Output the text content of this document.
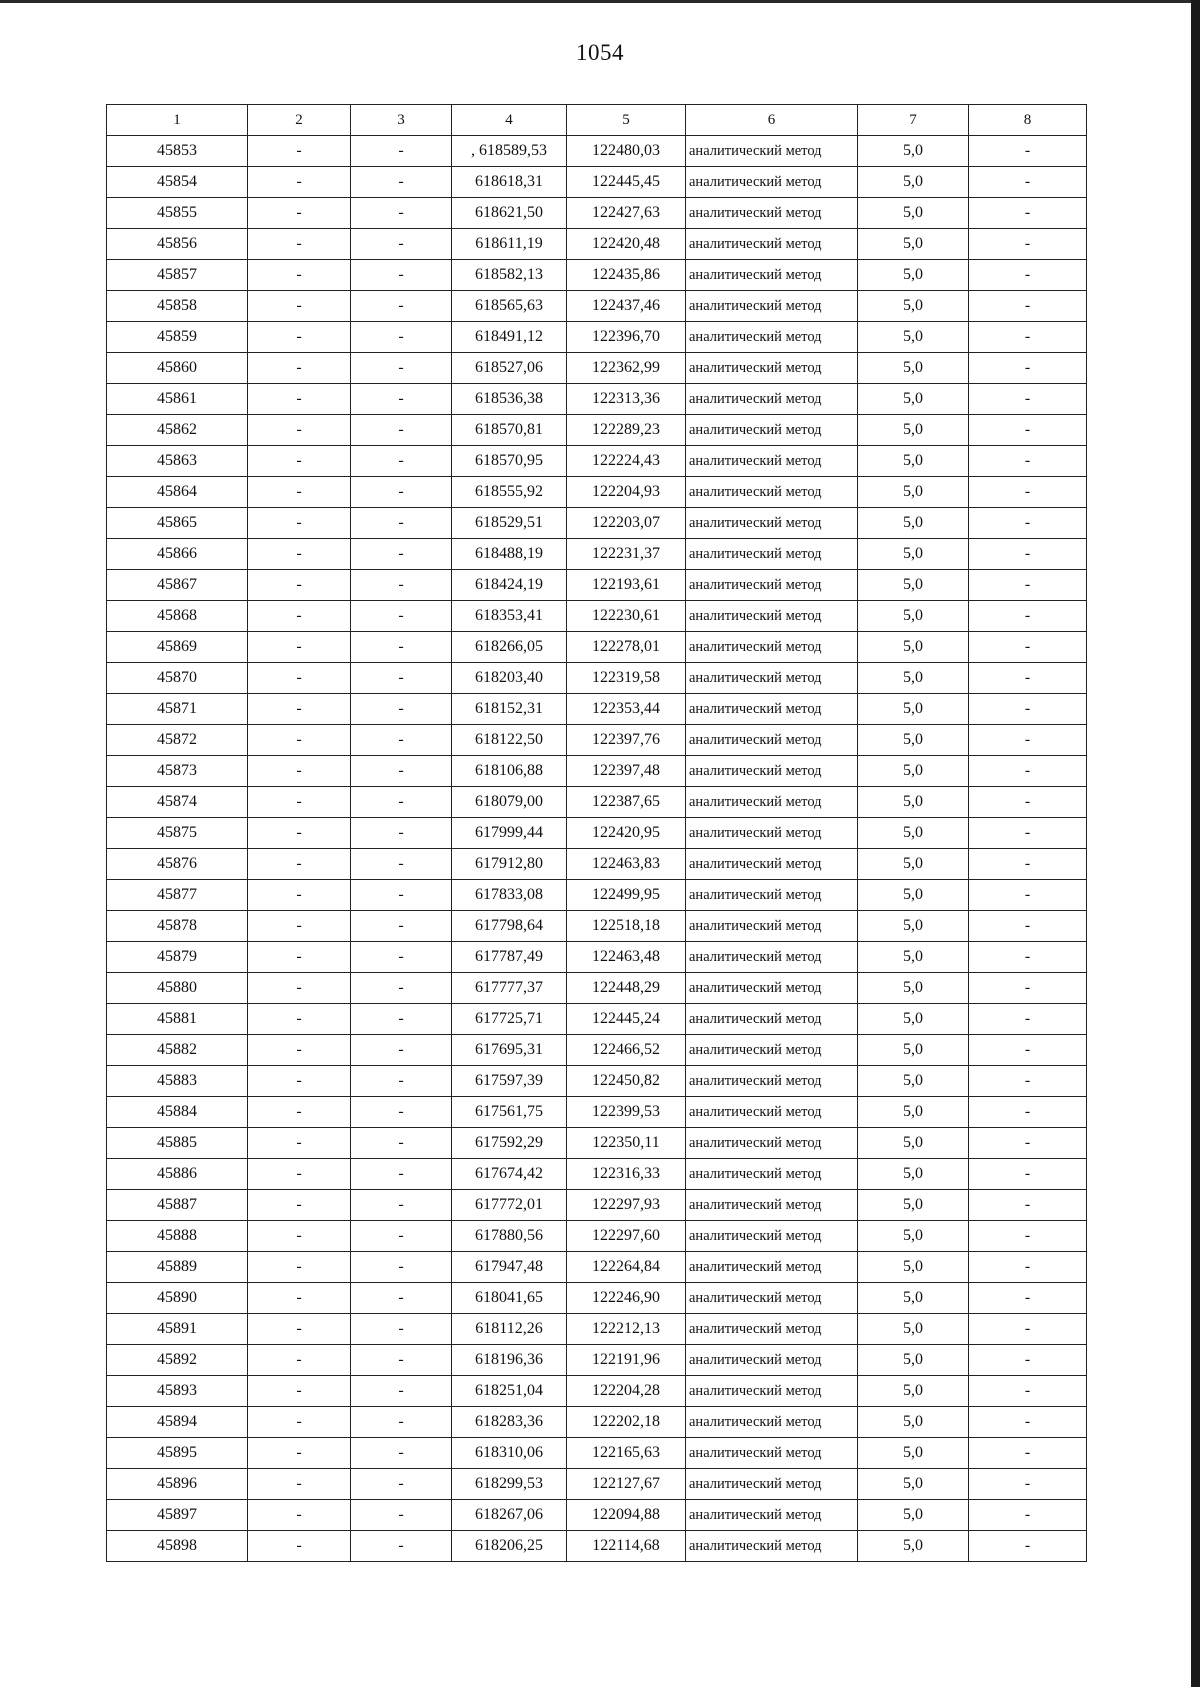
1054
1	2	3	4	5	6	7	8
45853	-	-	, 618589,53	122480,03	аналитический метод	5,0	-
45854	-	-	618618,31	122445,45	аналитический метод	5,0	-
45855	-	-	618621,50	122427,63	аналитический метод	5,0	-
45856	-	-	618611,19	122420,48	аналитический метод	5,0	-
45857	-	-	618582,13	122435,86	аналитический метод	5,0	-
45858	-	-	618565,63	122437,46	аналитический метод	5,0	-
45859	-	-	618491,12	122396,70	аналитический метод	5,0	-
45860	-	-	618527,06	122362,99	аналитический метод	5,0	-
45861	-	-	618536,38	122313,36	аналитический метод	5,0	-
45862	-	-	618570,81	122289,23	аналитический метод	5,0	-
45863	-	-	618570,95	122224,43	аналитический метод	5,0	-
45864	-	-	618555,92	122204,93	аналитический метод	5,0	-
45865	-	-	618529,51	122203,07	аналитический метод	5,0	-
45866	-	-	618488,19	122231,37	аналитический метод	5,0	-
45867	-	-	618424,19	122193,61	аналитический метод	5,0	-
45868	-	-	618353,41	122230,61	аналитический метод	5,0	-
45869	-	-	618266,05	122278,01	аналитический метод	5,0	-
45870	-	-	618203,40	122319,58	аналитический метод	5,0	-
45871	-	-	618152,31	122353,44	аналитический метод	5,0	-
45872	-	-	618122,50	122397,76	аналитический метод	5,0	-
45873	-	-	618106,88	122397,48	аналитический метод	5,0	-
45874	-	-	618079,00	122387,65	аналитический метод	5,0	-
45875	-	-	617999,44	122420,95	аналитический метод	5,0	-
45876	-	-	617912,80	122463,83	аналитический метод	5,0	-
45877	-	-	617833,08	122499,95	аналитический метод	5,0	-
45878	-	-	617798,64	122518,18	аналитический метод	5,0	-
45879	-	-	617787,49	122463,48	аналитический метод	5,0	-
45880	-	-	617777,37	122448,29	аналитический метод	5,0	-
45881	-	-	617725,71	122445,24	аналитический метод	5,0	-
45882	-	-	617695,31	122466,52	аналитический метод	5,0	-
45883	-	-	617597,39	122450,82	аналитический метод	5,0	-
45884	-	-	617561,75	122399,53	аналитический метод	5,0	-
45885	-	-	617592,29	122350,11	аналитический метод	5,0	-
45886	-	-	617674,42	122316,33	аналитический метод	5,0	-
45887	-	-	617772,01	122297,93	аналитический метод	5,0	-
45888	-	-	617880,56	122297,60	аналитический метод	5,0	-
45889	-	-	617947,48	122264,84	аналитический метод	5,0	-
45890	-	-	618041,65	122246,90	аналитический метод	5,0	-
45891	-	-	618112,26	122212,13	аналитический метод	5,0	-
45892	-	-	618196,36	122191,96	аналитический метод	5,0	-
45893	-	-	618251,04	122204,28	аналитический метод	5,0	-
45894	-	-	618283,36	122202,18	аналитический метод	5,0	-
45895	-	-	618310,06	122165,63	аналитический метод	5,0	-
45896	-	-	618299,53	122127,67	аналитический метод	5,0	-
45897	-	-	618267,06	122094,88	аналитический метод	5,0	-
45898	-	-	618206,25	122114,68	аналитический метод	5,0	-
